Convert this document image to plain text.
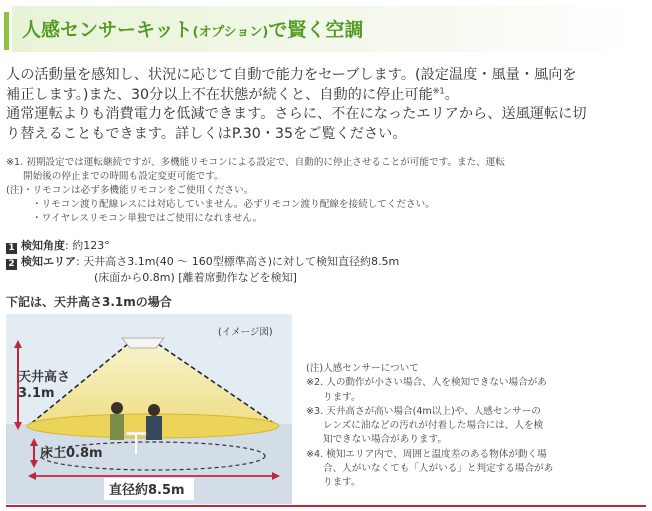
人感センサーキット(オプション)で賢く空調

人の活動量を感知し、状況に応じて自動で能力をセーブします。(設定温度・風量・風向を

補正します。)また、30分以上不在状態が続くと、自動的に停止可能$^{※1}$。

通常運転よりも消費電力を低減できます。さらに、不在になったエリアから、送風運転に切

り替えることもできます。詳しくはP.30・35をご覧ください。

※1. 初期設定では運転継続ですが、多機能リモコンによる設定で、自動的に停止させることが可能です。また、運転
開始後の停止までの時間も設定変更可能です。
(注)・リモコンは必ず多機能リモコンをご使用ください。
・リモコン渡り配線レスには対応していません。必ずリモコン渡り配線を接続してください。
・ワイヤレスリモコン単独ではご使用になれません。
1 検知角度: 約123°
2 検知エリア: 天井高さ3.1m(40 ～ 160型標準高さ)に対して検知直径約8.5m
(床面から0.8m) [離着席動作などを検知]
下記は、天井高さ3.1mの場合
(イメージ図)
天井高さ
3.1m
床上0.8m
直径約8.5m
(注)人感センサーについて
※2. 人の動作が小さい場合、人を検知できない場合があ
ります。
※3. 天井高さが高い場合(4m以上)や、人感センサーの
レンズに油などの汚れが付着した場合には、人を検
知できない場合があります。
※4. 検知エリア内で、周囲と温度差のある物体が動く場
合、人がいなくても「人がいる」と判定する場合があ
ります。
